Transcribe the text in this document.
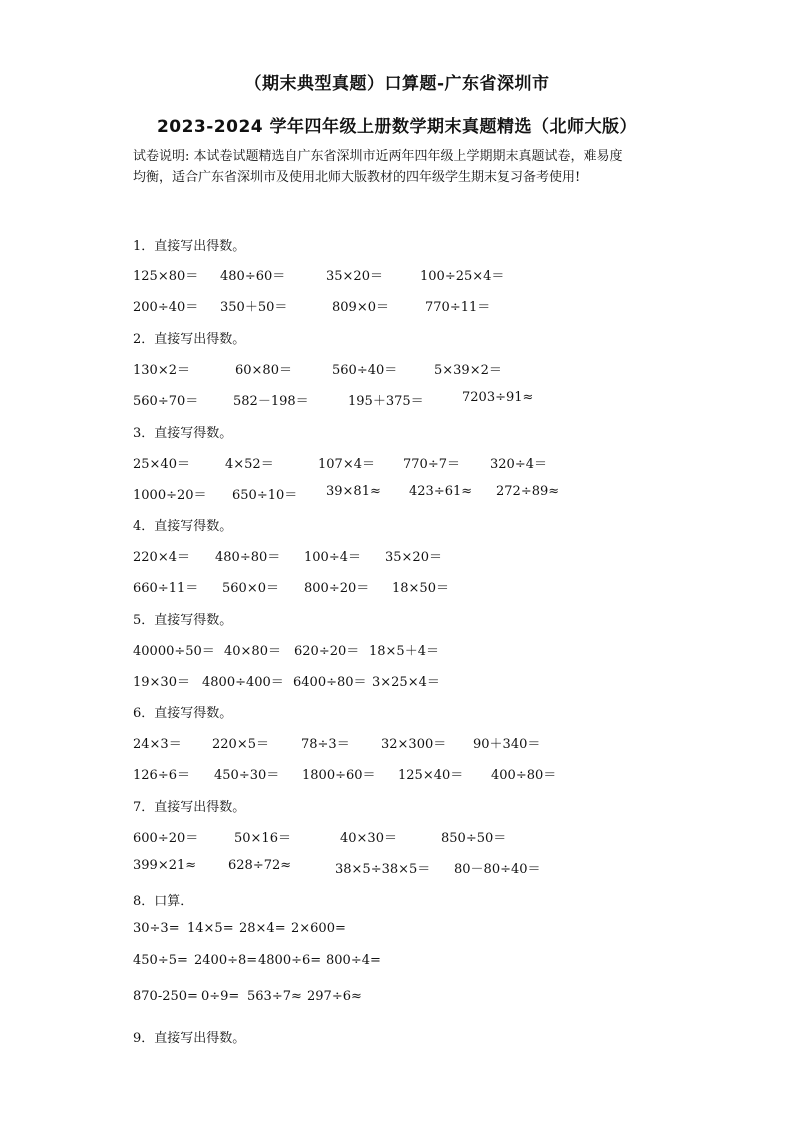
（期末典型真题）口算题-广东省深圳市
2023-2024 学年四年级上册数学期末真题精选（北师大版）
试卷说明: 本试卷试题精选自广东省深圳市近两年四年级上学期期末真题试卷，难易度
均衡，适合广东省深圳市及使用北师大版教材的四年级学生期末复习备考使用!
1．直接写出得数。
125×80＝ 480÷60＝	35×20＝	100÷25×4＝
200÷40＝ 350＋50＝	809×0＝	770÷11＝
2．直接写出得数。
130×2＝	60×80＝	560÷40＝	5×39×2＝
560÷70＝	582－198＝	195＋375＝	7203÷91≈
3．直接写得数。
25×40＝	4×52＝	107×4＝ 770÷7＝ 320÷4＝
1000÷20＝ 650÷10＝ 39×81≈ 423÷61≈ 272÷89≈
4．直接写得数。
220×4＝ 480÷80＝ 100÷4＝ 35×20＝
660÷11＝ 560×0＝ 800÷20＝ 18×50＝
5．直接写得数。
40000÷50＝ 40×80＝ 620÷20＝ 18×5＋4＝
19×30＝ 4800÷400＝ 6400÷80＝ 3×25×4＝
6．直接写得数。
24×3＝ 220×5＝ 78÷3＝ 32×300＝ 90＋340＝
126÷6＝ 450÷30＝ 1800÷60＝ 125×40＝ 400÷80＝
7．直接写出得数。
600÷20＝	50×16＝	40×30＝	850÷50＝
399×21≈ 628÷72≈	38×5÷38×5＝ 80－80÷40＝
8．口算．
30÷3= 14×5= 28×4= 2×600=
450÷5= 2400÷8= 4800÷6= 800÷4=
870-250= 0÷9= 563÷7≈ 297÷6≈
9．直接写出得数。
